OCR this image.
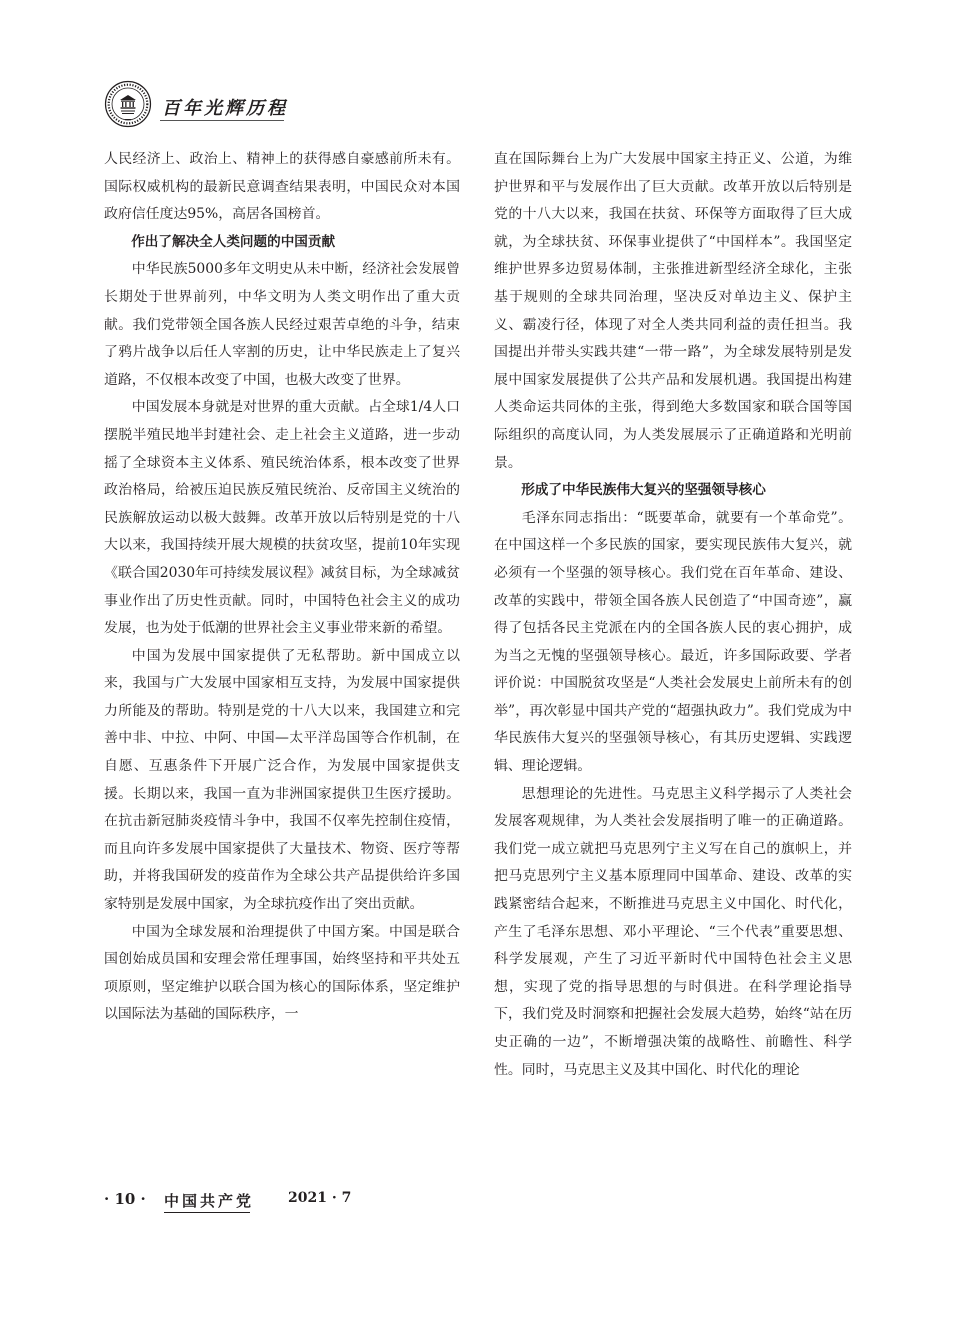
百年光辉历程

人民经济上、政治上、精神上的获得感自豪感前所未有。国际权威机构的最新民意调查结果表明，中国民众对本国政府信任度达95%，高居各国榜首。

作出了解决全人类问题的中国贡献

中华民族5000多年文明史从未中断，经济社会发展曾长期处于世界前列，中华文明为人类文明作出了重大贡献。我们党带领全国各族人民经过艰苦卓绝的斗争，结束了鸦片战争以后任人宰割的历史，让中华民族走上了复兴道路，不仅根本改变了中国，也极大改变了世界。

中国发展本身就是对世界的重大贡献。占全球1/4人口摆脱半殖民地半封建社会、走上社会主义道路，进一步动摇了全球资本主义体系、殖民统治体系，根本改变了世界政治格局，给被压迫民族反殖民统治、反帝国主义统治的民族解放运动以极大鼓舞。改革开放以后特别是党的十八大以来，我国持续开展大规模的扶贫攻坚，提前10年实现《联合国2030年可持续发展议程》减贫目标，为全球减贫事业作出了历史性贡献。同时，中国特色社会主义的成功发展，也为处于低潮的世界社会主义事业带来新的希望。

中国为发展中国家提供了无私帮助。新中国成立以来，我国与广大发展中国家相互支持，为发展中国家提供力所能及的帮助。特别是党的十八大以来，我国建立和完善中非、中拉、中阿、中国—太平洋岛国等合作机制，在自愿、互惠条件下开展广泛合作，为发展中国家提供支援。长期以来，我国一直为非洲国家提供卫生医疗援助。在抗击新冠肺炎疫情斗争中，我国不仅率先控制住疫情，而且向许多发展中国家提供了大量技术、物资、医疗等帮助，并将我国研发的疫苗作为全球公共产品提供给许多国家特别是发展中国家，为全球抗疫作出了突出贡献。

中国为全球发展和治理提供了中国方案。中国是联合国创始成员国和安理会常任理事国，始终坚持和平共处五项原则，坚定维护以联合国为核心的国际体系，坚定维护以国际法为基础的国际秩序，一

直在国际舞台上为广大发展中国家主持正义、公道，为维护世界和平与发展作出了巨大贡献。改革开放以后特别是党的十八大以来，我国在扶贫、环保等方面取得了巨大成就，为全球扶贫、环保事业提供了“中国样本”。我国坚定维护世界多边贸易体制，主张推进新型经济全球化，主张基于规则的全球共同治理，坚决反对单边主义、保护主义、霸凌行径，体现了对全人类共同利益的责任担当。我国提出并带头实践共建“一带一路”，为全球发展特别是发展中国家发展提供了公共产品和发展机遇。我国提出构建人类命运共同体的主张，得到绝大多数国家和联合国等国际组织的高度认同，为人类发展展示了正确道路和光明前景。

形成了中华民族伟大复兴的坚强领导核心

毛泽东同志指出：“既要革命，就要有一个革命党”。在中国这样一个多民族的国家，要实现民族伟大复兴，就必须有一个坚强的领导核心。我们党在百年革命、建设、改革的实践中，带领全国各族人民创造了“中国奇迹”，赢得了包括各民主党派在内的全国各族人民的衷心拥护，成为当之无愧的坚强领导核心。最近，许多国际政要、学者评价说：中国脱贫攻坚是“人类社会发展史上前所未有的创举”，再次彰显中国共产党的“超强执政力”。我们党成为中华民族伟大复兴的坚强领导核心，有其历史逻辑、实践逻辑、理论逻辑。

思想理论的先进性。马克思主义科学揭示了人类社会发展客观规律，为人类社会发展指明了唯一的正确道路。我们党一成立就把马克思列宁主义写在自己的旗帜上，并把马克思列宁主义基本原理同中国革命、建设、改革的实践紧密结合起来，不断推进马克思主义中国化、时代化，产生了毛泽东思想、邓小平理论、“三个代表”重要思想、科学发展观，产生了习近平新时代中国特色社会主义思想，实现了党的指导思想的与时俱进。在科学理论指导下，我们党及时洞察和把握社会发展大趋势，始终“站在历史正确的一边”，不断增强决策的战略性、前瞻性、科学性。同时，马克思主义及其中国化、时代化的理论

· 10 · 中国共产党 2021 · 7
